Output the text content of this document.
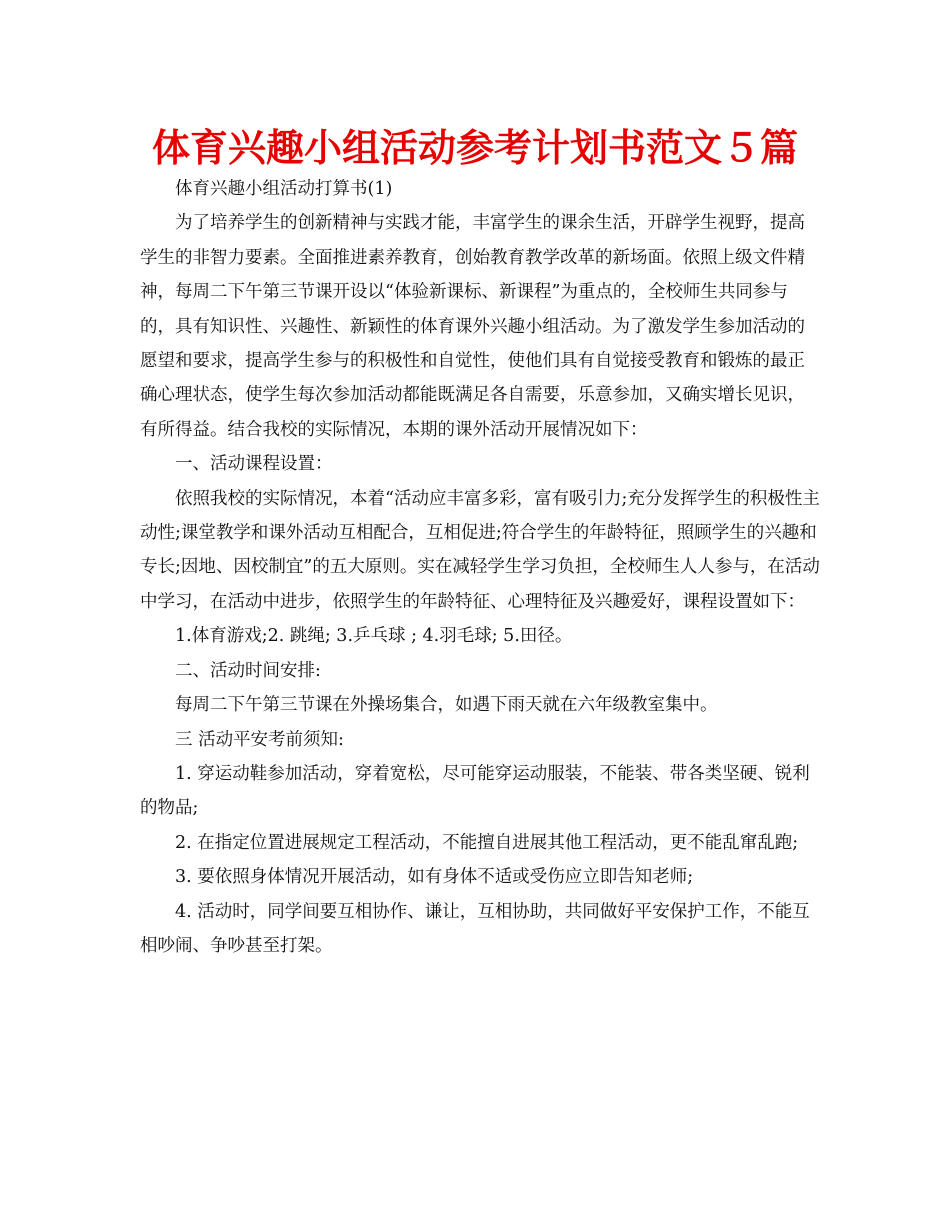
体育兴趣小组活动参考计划书范文５篇

体育兴趣小组活动打算书(1)

为了培养学生的创新精神与实践才能，丰富学生的课余生活，开辟学生视野，提高学生的非智力要素。全面推进素养教育，创始教育教学改革的新场面。依照上级文件精神，每周二下午第三节课开设以“体验新课标、新课程”为重点的，全校师生共同参与的，具有知识性、兴趣性、新颖性的体育课外兴趣小组活动。为了激发学生参加活动的愿望和要求，提高学生参与的积极性和自觉性，使他们具有自觉接受教育和锻炼的最正确心理状态，使学生每次参加活动都能既满足各自需要，乐意参加，又确实增长见识，有所得益。结合我校的实际情况，本期的课外活动开展情况如下：

一、活动课程设置：

依照我校的实际情况，本着“活动应丰富多彩，富有吸引力;充分发挥学生的积极性主动性;课堂教学和课外活动互相配合，互相促进;符合学生的年龄特征，照顾学生的兴趣和专长;因地、因校制宜”的五大原则。实在减轻学生学习负担，全校师生人人参与，在活动中学习，在活动中进步，依照学生的年龄特征、心理特征及兴趣爱好，课程设置如下：

1.体育游戏;2. 跳绳; 3.乒乓球 ; 4.羽毛球; 5.田径。

二、活动时间安排:

每周二下午第三节课在外操场集合，如遇下雨天就在六年级教室集中。

三 活动平安考前须知:

1. 穿运动鞋参加活动，穿着宽松，尽可能穿运动服装，不能装、带各类坚硬、锐利的物品;

2. 在指定位置进展规定工程活动，不能擅自进展其他工程活动，更不能乱窜乱跑;

3. 要依照身体情况开展活动，如有身体不适或受伤应立即告知老师;

4. 活动时，同学间要互相协作、谦让，互相协助，共同做好平安保护工作，不能互相吵闹、争吵甚至打架。
